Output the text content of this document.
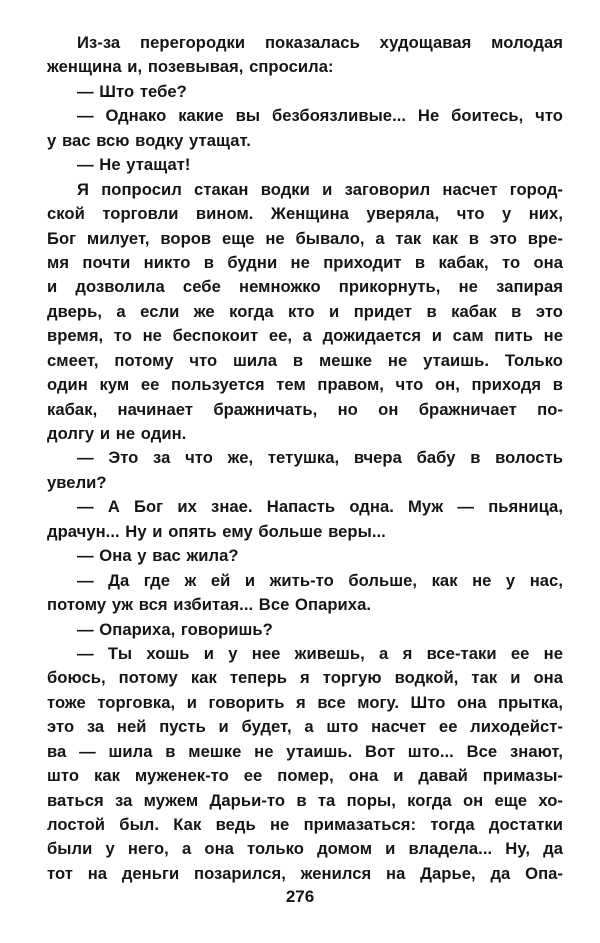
Из-за перегородки показалась худощавая молодая
женщина и, позевывая, спросила:
— Што тебе?
— Однако какие вы безбоязливые... Не боитесь, что
у вас всю водку утащат.
— Не утащат!
Я попросил стакан водки и заговорил насчет город-
ской торговли вином. Женщина уверяла, что у них,
Бог милует, воров еще не бывало, а так как в это вре-
мя почти никто в будни не приходит в кабак, то она
и дозволила себе немножко прикорнуть, не запирая
дверь, а если же когда кто и придет в кабак в это
время, то не беспокоит ее, а дожидается и сам пить не
смеет, потому что шила в мешке не утаишь. Только
один кум ее пользуется тем правом, что он, приходя в
кабак, начинает бражничать, но он бражничает по-
долгу и не один.
— Это за что же, тетушка, вчера бабу в волость
увели?
— А Бог их знае. Напасть одна. Муж — пьяница,
драчун... Ну и опять ему больше веры...
— Она у вас жила?
— Да где ж ей и жить-то больше, как не у нас,
потому уж вся избитая... Все Опариха.
— Опариха, говоришь?
— Ты хошь и у нее живешь, а я все-таки ее не
боюсь, потому как теперь я торгую водкой, так и она
тоже торговка, и говорить я все могу. Што она прытка,
это за ней пусть и будет, а што насчет ее лиходейст-
ва — шила в мешке не утаишь. Вот што... Все знают,
што как муженек-то ее помер, она и давай примазы-
ваться за мужем Дарьи-то в та поры, когда он еще хо-
лостой был. Как ведь не примазаться: тогда достатки
были у него, а она только домом и владела... Ну, да
тот на деньги позарился, женился на Дарье, да Опа-
276
